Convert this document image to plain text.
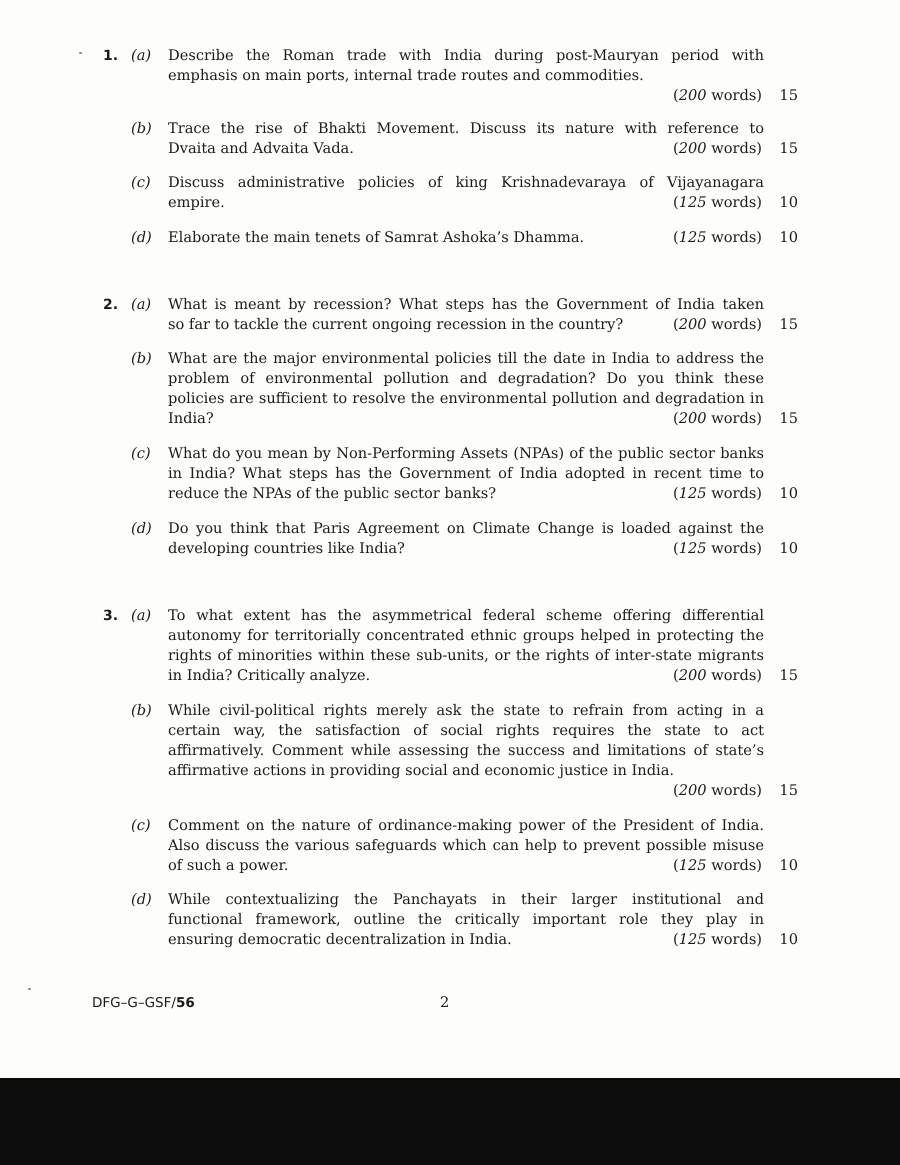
1. (a) Describe the Roman trade with India during post-Mauryan period with
emphasis on main ports, internal trade routes and commodities.
(200 words) 15
(b) Trace the rise of Bhakti Movement. Discuss its nature with reference to
Dvaita and Advaita Vada.	(200 words) 15
(c) Discuss administrative policies of king Krishnadevaraya of Vijayanagara
empire.	(125 words) 10
(d) Elaborate the main tenets of Samrat Ashoka’s Dhamma.	(125 words) 10
2. (a) What is meant by recession? What steps has the Government of India taken
so far to tackle the current ongoing recession in the country?	(200 words) 15
(b) What are the major environmental policies till the date in India to address the
problem of environmental pollution and degradation? Do you think these
policies are sufficient to resolve the environmental pollution and degradation in
India?	(200 words) 15
(c) What do you mean by Non-Performing Assets (NPAs) of the public sector banks
in India? What steps has the Government of India adopted in recent time to
reduce the NPAs of the public sector banks?	(125 words) 10
(d) Do you think that Paris Agreement on Climate Change is loaded against the
developing countries like India?	(125 words) 10
3. (a) To what extent has the asymmetrical federal scheme offering differential
autonomy for territorially concentrated ethnic groups helped in protecting the
rights of minorities within these sub-units, or the rights of inter-state migrants
in India? Critically analyze.	(200 words) 15
(b) While civil-political rights merely ask the state to refrain from acting in a
certain way, the satisfaction of social rights requires the state to act
affirmatively. Comment while assessing the success and limitations of state’s
affirmative actions in providing social and economic justice in India.
(200 words) 15
(c) Comment on the nature of ordinance-making power of the President of India.
Also discuss the various safeguards which can help to prevent possible misuse
of such a power.	(125 words) 10
(d) While contextualizing the Panchayats in their larger institutional and
functional framework, outline the critically important role they play in
ensuring democratic decentralization in India.	(125 words) 10
DFG–G–GSF/56	2
